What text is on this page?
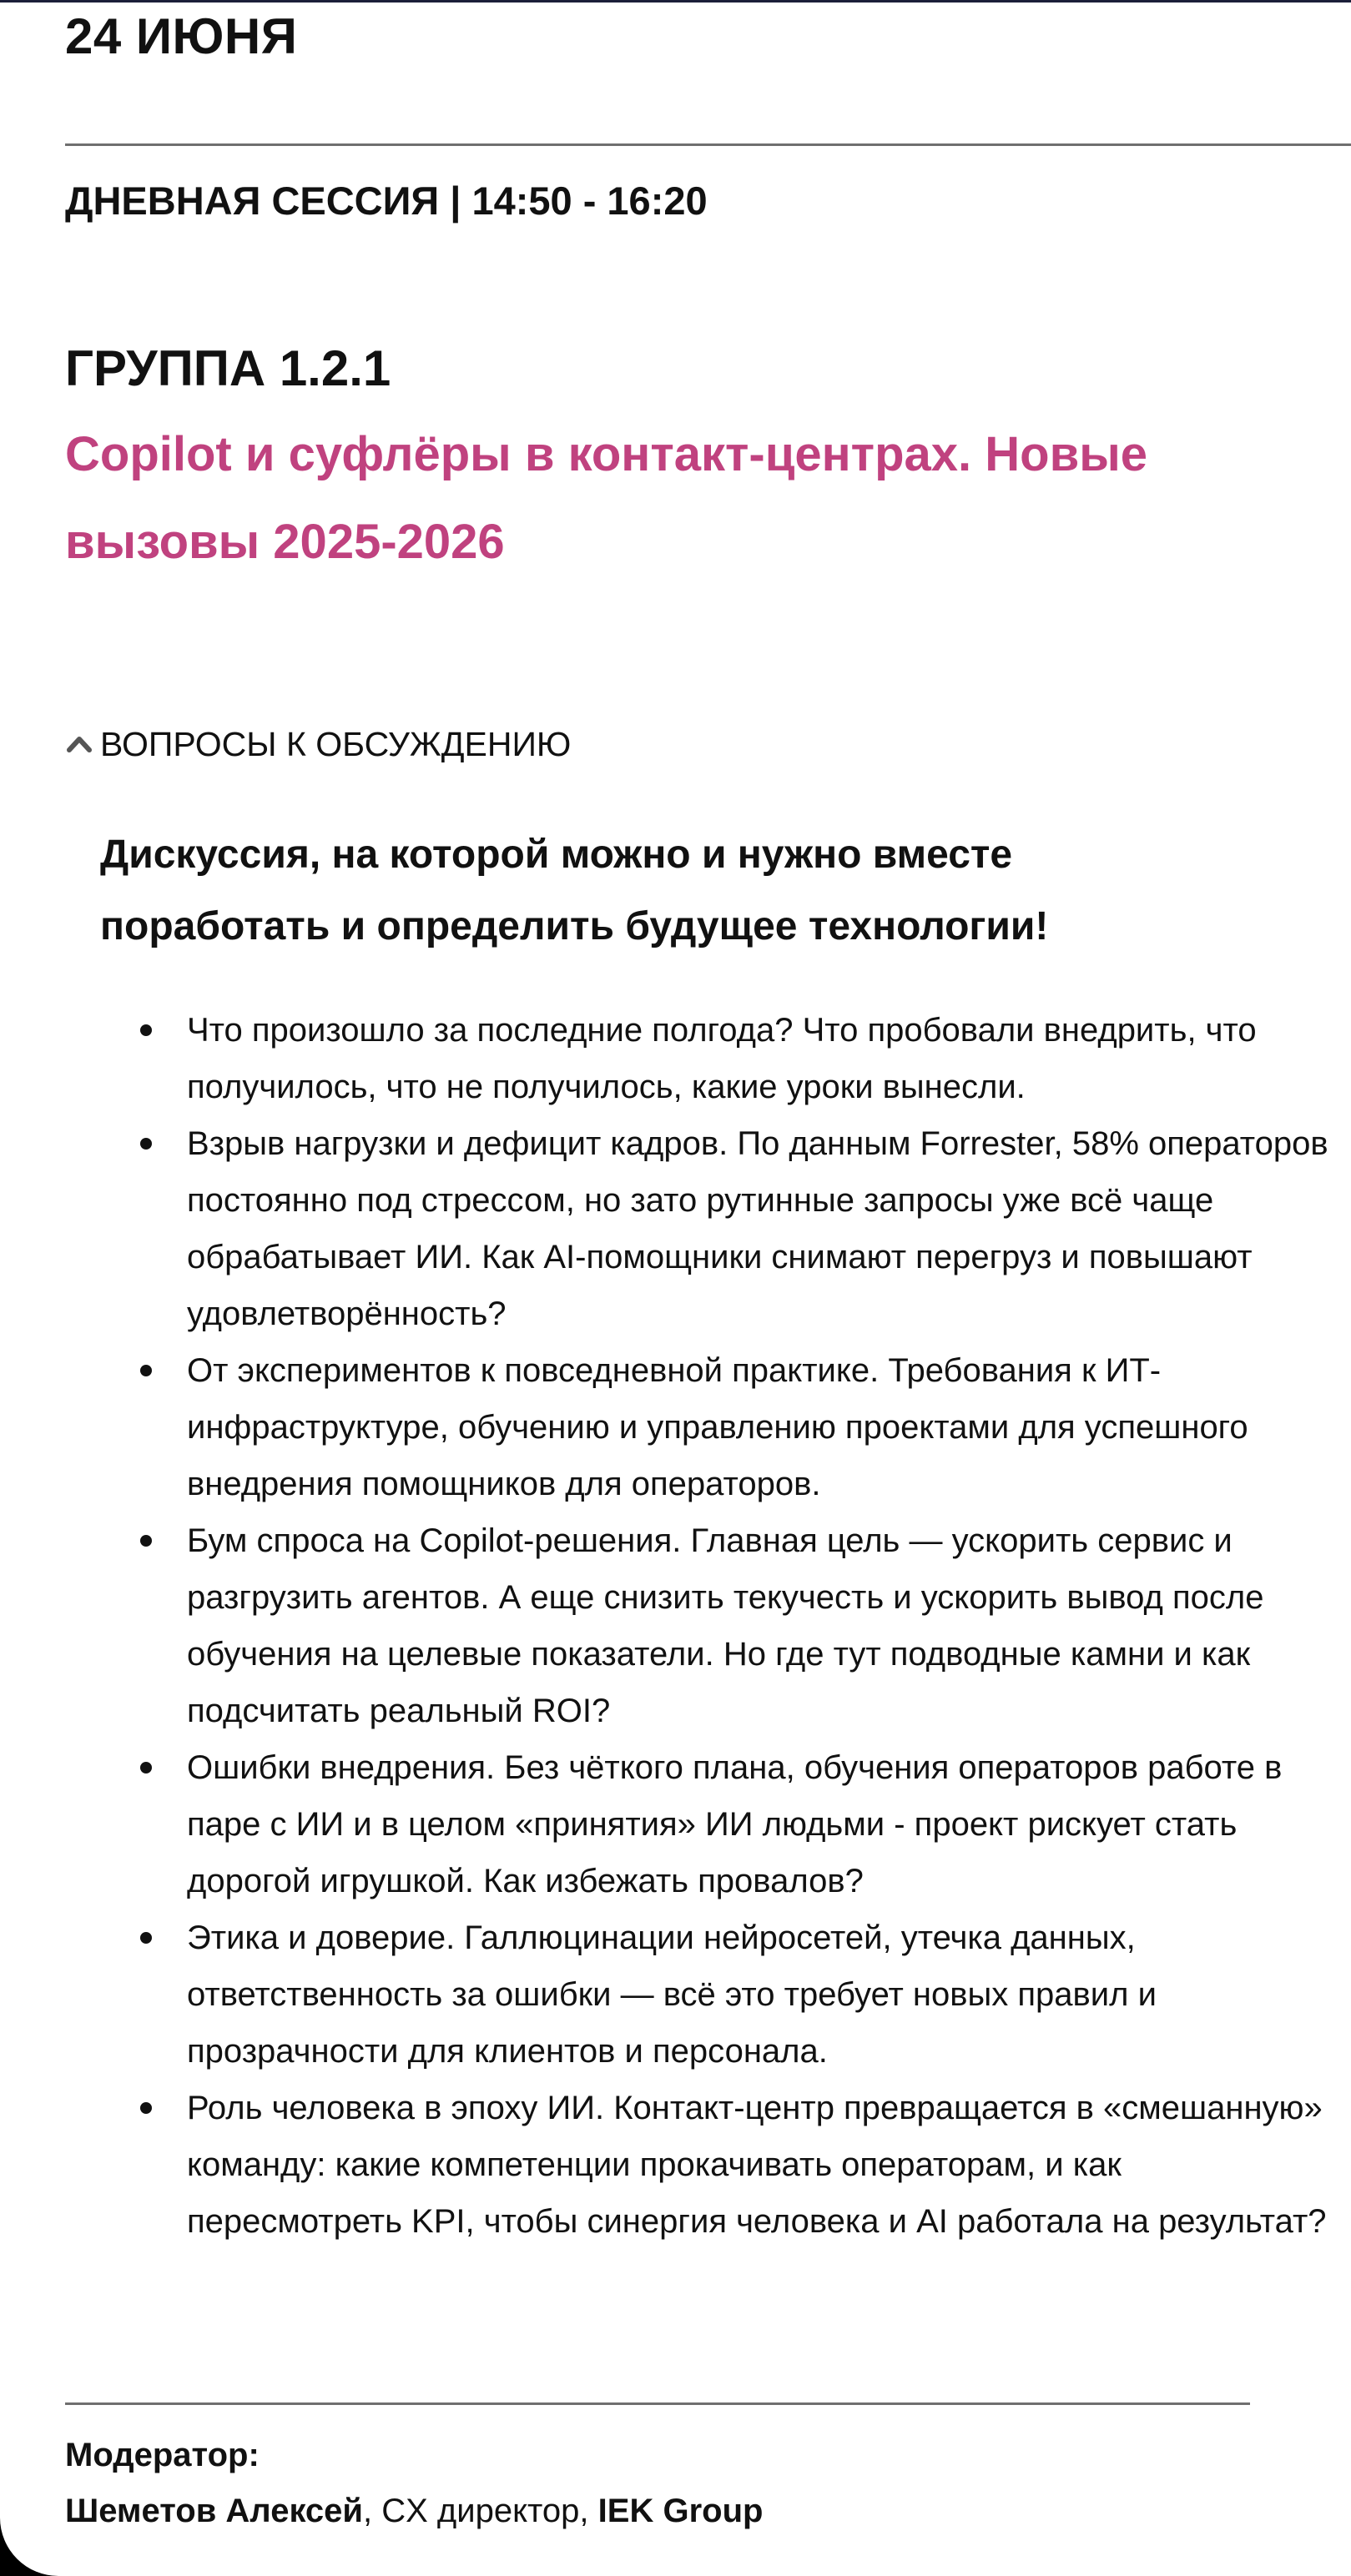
24 ИЮНЯ
ДНЕВНАЯ СЕССИЯ | 14:50 - 16:20
ГРУППА 1.2.1
Copilot и суфлёры в контакт-центрах. Новые вызовы 2025-2026
ВОПРОСЫ К ОБСУЖДЕНИЮ
Дискуссия, на которой можно и нужно вместе поработать и определить будущее технологии!
Что произошло за последние полгода? Что пробовали внедрить, что получилось, что не получилось, какие уроки вынесли.
Взрыв нагрузки и дефицит кадров. По данным Forrester, 58% операторов постоянно под стрессом, но зато рутинные запросы уже всё чаще обрабатывает ИИ. Как AI-помощники снимают перегруз и повышают удовлетворённость?
От экспериментов к повседневной практике. Требования к ИТ-инфраструктуре, обучению и управлению проектами для успешного внедрения помощников для операторов.
Бум спроса на Copilot-решения. Главная цель — ускорить сервис и разгрузить агентов. А еще снизить текучесть и ускорить вывод после обучения на целевые показатели. Но где тут подводные камни и как подсчитать реальный ROI?
Ошибки внедрения. Без чёткого плана, обучения операторов работе в паре с ИИ и в целом «принятия» ИИ людьми - проект рискует стать дорогой игрушкой. Как избежать провалов?
Этика и доверие. Галлюцинации нейросетей, утечка данных, ответственность за ошибки — всё это требует новых правил и прозрачности для клиентов и персонала.
Роль человека в эпоху ИИ. Контакт-центр превращается в «смешанную» команду: какие компетенции прокачивать операторам, и как пересмотреть KPI, чтобы синергия человека и AI работала на результат?
Модератор:
Шеметов Алексей, CX директор, IEK Group
